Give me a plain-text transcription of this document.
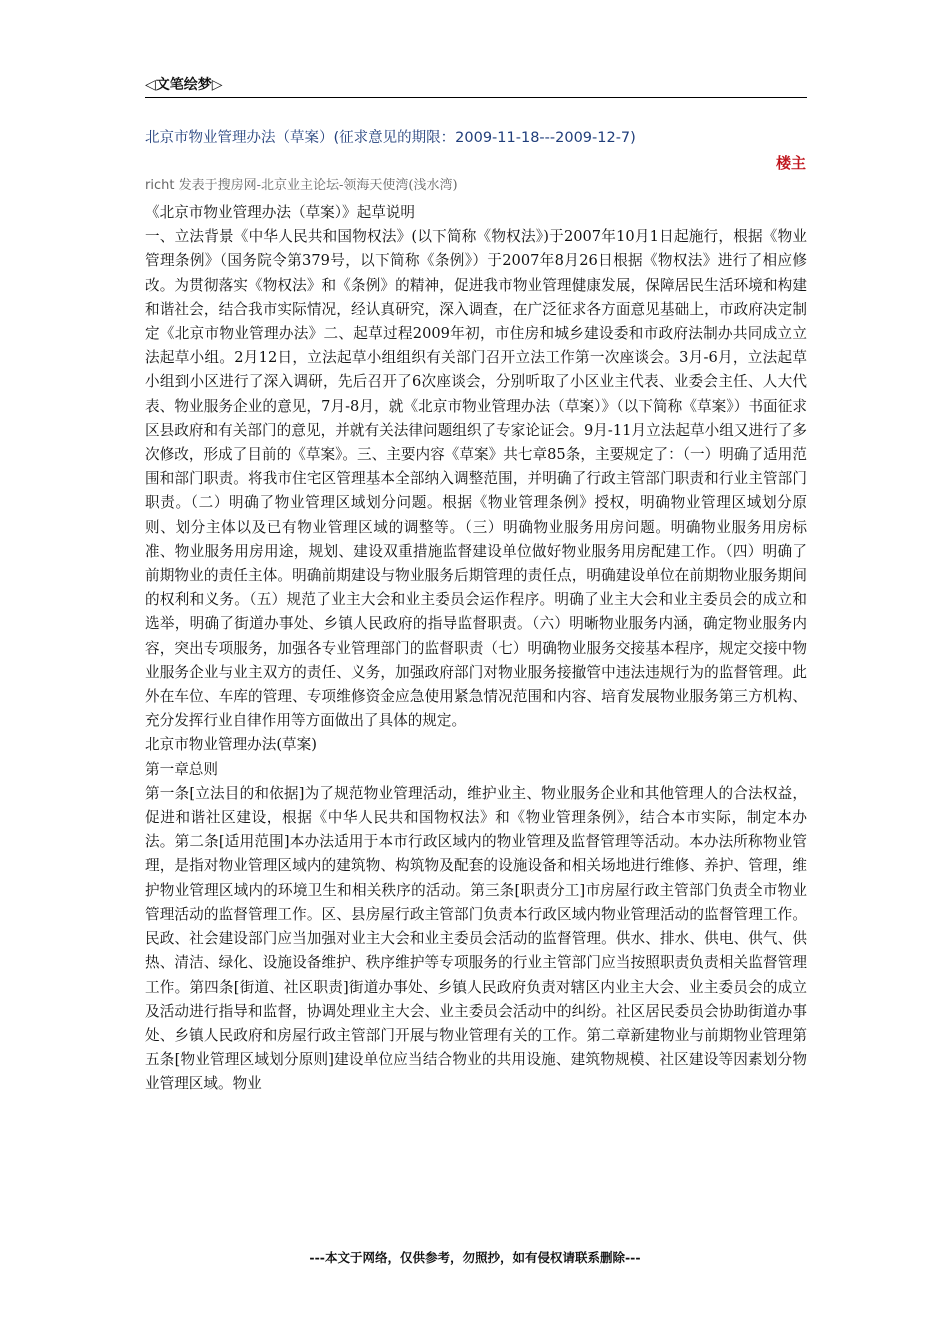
◁文笔绘梦▷
北京市物业管理办法（草案）(征求意见的期限：2009-11-18---2009-12-7)
楼主
richt 发表于搜房网-北京业主论坛-领海天使湾(浅水湾)

《北京市物业管理办法（草案）》起草说明

一、立法背景《中华人民共和国物权法》(以下简称《物权法》)于2007年10月1日起施行，根据《物业管理条例》（国务院令第379号，以下简称《条例》）于2007年8月26日根据《物权法》进行了相应修改。为贯彻落实《物权法》和《条例》的精神，促进我市物业管理健康发展，保障居民生活环境和构建和谐社会，结合我市实际情况，经认真研究，深入调查，在广泛征求各方面意见基础上，市政府决定制定《北京市物业管理办法》二、起草过程2009年初，市住房和城乡建设委和市政府法制办共同成立立法起草小组。2月12日，立法起草小组组织有关部门召开立法工作第一次座谈会。3月-6月，立法起草小组到小区进行了深入调研，先后召开了6次座谈会，分别听取了小区业主代表、业委会主任、人大代表、物业服务企业的意见，7月-8月，就《北京市物业管理办法（草案）》（以下简称《草案》）书面征求区县政府和有关部门的意见，并就有关法律问题组织了专家论证会。9月-11月立法起草小组又进行了多次修改，形成了目前的《草案》。三、主要内容《草案》共七章85条，主要规定了：（一）明确了适用范围和部门职责。将我市住宅区管理基本全部纳入调整范围，并明确了行政主管部门职责和行业主管部门职责。（二）明确了物业管理区域划分问题。根据《物业管理条例》授权，明确物业管理区域划分原则、划分主体以及已有物业管理区域的调整等。（三）明确物业服务用房问题。明确物业服务用房标准、物业服务用房用途，规划、建设双重措施监督建设单位做好物业服务用房配建工作。（四）明确了前期物业的责任主体。明确前期建设与物业服务后期管理的责任点，明确建设单位在前期物业服务期间的权利和义务。（五）规范了业主大会和业主委员会运作程序。明确了业主大会和业主委员会的成立和选举，明确了街道办事处、乡镇人民政府的指导监督职责。（六）明晰物业服务内涵，确定物业服务内容，突出专项服务，加强各专业管理部门的监督职责（七）明确物业服务交接基本程序，规定交接中物业服务企业与业主双方的责任、义务，加强政府部门对物业服务接撤管中违法违规行为的监督管理。此外在车位、车库的管理、专项维修资金应急使用紧急情况范围和内容、培育发展物业服务第三方机构、充分发挥行业自律作用等方面做出了具体的规定。

北京市物业管理办法(草案)

第一章总则

第一条[立法目的和依据]为了规范物业管理活动，维护业主、物业服务企业和其他管理人的合法权益，促进和谐社区建设，根据《中华人民共和国物权法》和《物业管理条例》，结合本市实际，制定本办法。第二条[适用范围]本办法适用于本市行政区域内的物业管理及监督管理等活动。本办法所称物业管理，是指对物业管理区域内的建筑物、构筑物及配套的设施设备和相关场地进行维修、养护、管理，维护物业管理区域内的环境卫生和相关秩序的活动。第三条[职责分工]市房屋行政主管部门负责全市物业管理活动的监督管理工作。区、县房屋行政主管部门负责本行政区域内物业管理活动的监督管理工作。民政、社会建设部门应当加强对业主大会和业主委员会活动的监督管理。供水、排水、供电、供气、供热、清洁、绿化、设施设备维护、秩序维护等专项服务的行业主管部门应当按照职责负责相关监督管理工作。第四条[街道、社区职责]街道办事处、乡镇人民政府负责对辖区内业主大会、业主委员会的成立及活动进行指导和监督，协调处理业主大会、业主委员会活动中的纠纷。社区居民委员会协助街道办事处、乡镇人民政府和房屋行政主管部门开展与物业管理有关的工作。第二章新建物业与前期物业管理第五条[物业管理区域划分原则]建设单位应当结合物业的共用设施、建筑物规模、社区建设等因素划分物业管理区域。物业

---本文于网络，仅供参考，勿照抄，如有侵权请联系删除---
